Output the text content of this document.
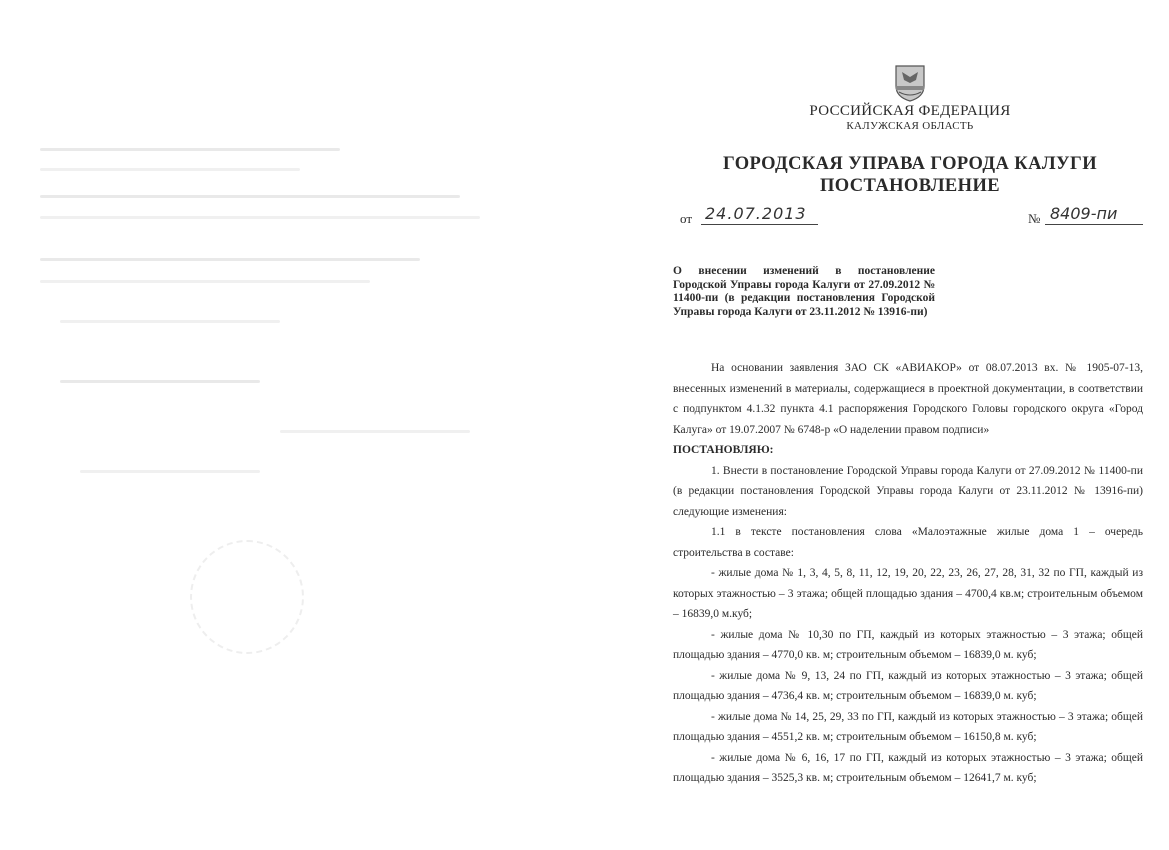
РОССИЙСКАЯ ФЕДЕРАЦИЯ
КАЛУЖСКАЯ ОБЛАСТЬ
ГОРОДСКАЯ УПРАВА ГОРОДА КАЛУГИ
ПОСТАНОВЛЕНИЕ
от 24.07.2013	№ 8409-пи
О внесении изменений в постановление Городской Управы города Калуги от 27.09.2012 № 11400-пи (в редакции постановления Городской Управы города Калуги от 23.11.2012 № 13916-пи)

На основании заявления ЗАО СК «АВИАКОР» от 08.07.2013 вх. № 1905-07-13, внесенных изменений в материалы, содержащиеся в проектной документации, в соответствии с подпунктом 4.1.32 пункта 4.1 распоряжения Городского Головы городского округа «Город Калуга» от 19.07.2007 № 6748-р «О наделении правом подписи»

ПОСТАНОВЛЯЮ:

1. Внести в постановление Городской Управы города Калуги от 27.09.2012 № 11400-пи (в редакции постановления Городской Управы города Калуги от 23.11.2012 № 13916-пи) следующие изменения:

1.1 в тексте постановления слова «Малоэтажные жилые дома 1 – очередь строительства в составе:

- жилые дома № 1, 3, 4, 5, 8, 11, 12, 19, 20, 22, 23, 26, 27, 28, 31, 32 по ГП, каждый из которых этажностью – 3 этажа; общей площадью здания – 4700,4 кв.м; строительным объемом – 16839,0 м.куб;

- жилые дома № 10,30 по ГП, каждый из которых этажностью – 3 этажа; общей площадью здания – 4770,0 кв. м; строительным объемом – 16839,0 м. куб;

- жилые дома № 9, 13, 24 по ГП, каждый из которых этажностью – 3 этажа; общей площадью здания – 4736,4 кв. м; строительным объемом – 16839,0 м. куб;

- жилые дома № 14, 25, 29, 33 по ГП, каждый из которых этажностью – 3 этажа; общей площадью здания – 4551,2 кв. м; строительным объемом – 16150,8 м. куб;

- жилые дома № 6, 16, 17 по ГП, каждый из которых этажностью – 3 этажа; общей площадью здания – 3525,3 кв. м; строительным объемом – 12641,7 м. куб;
